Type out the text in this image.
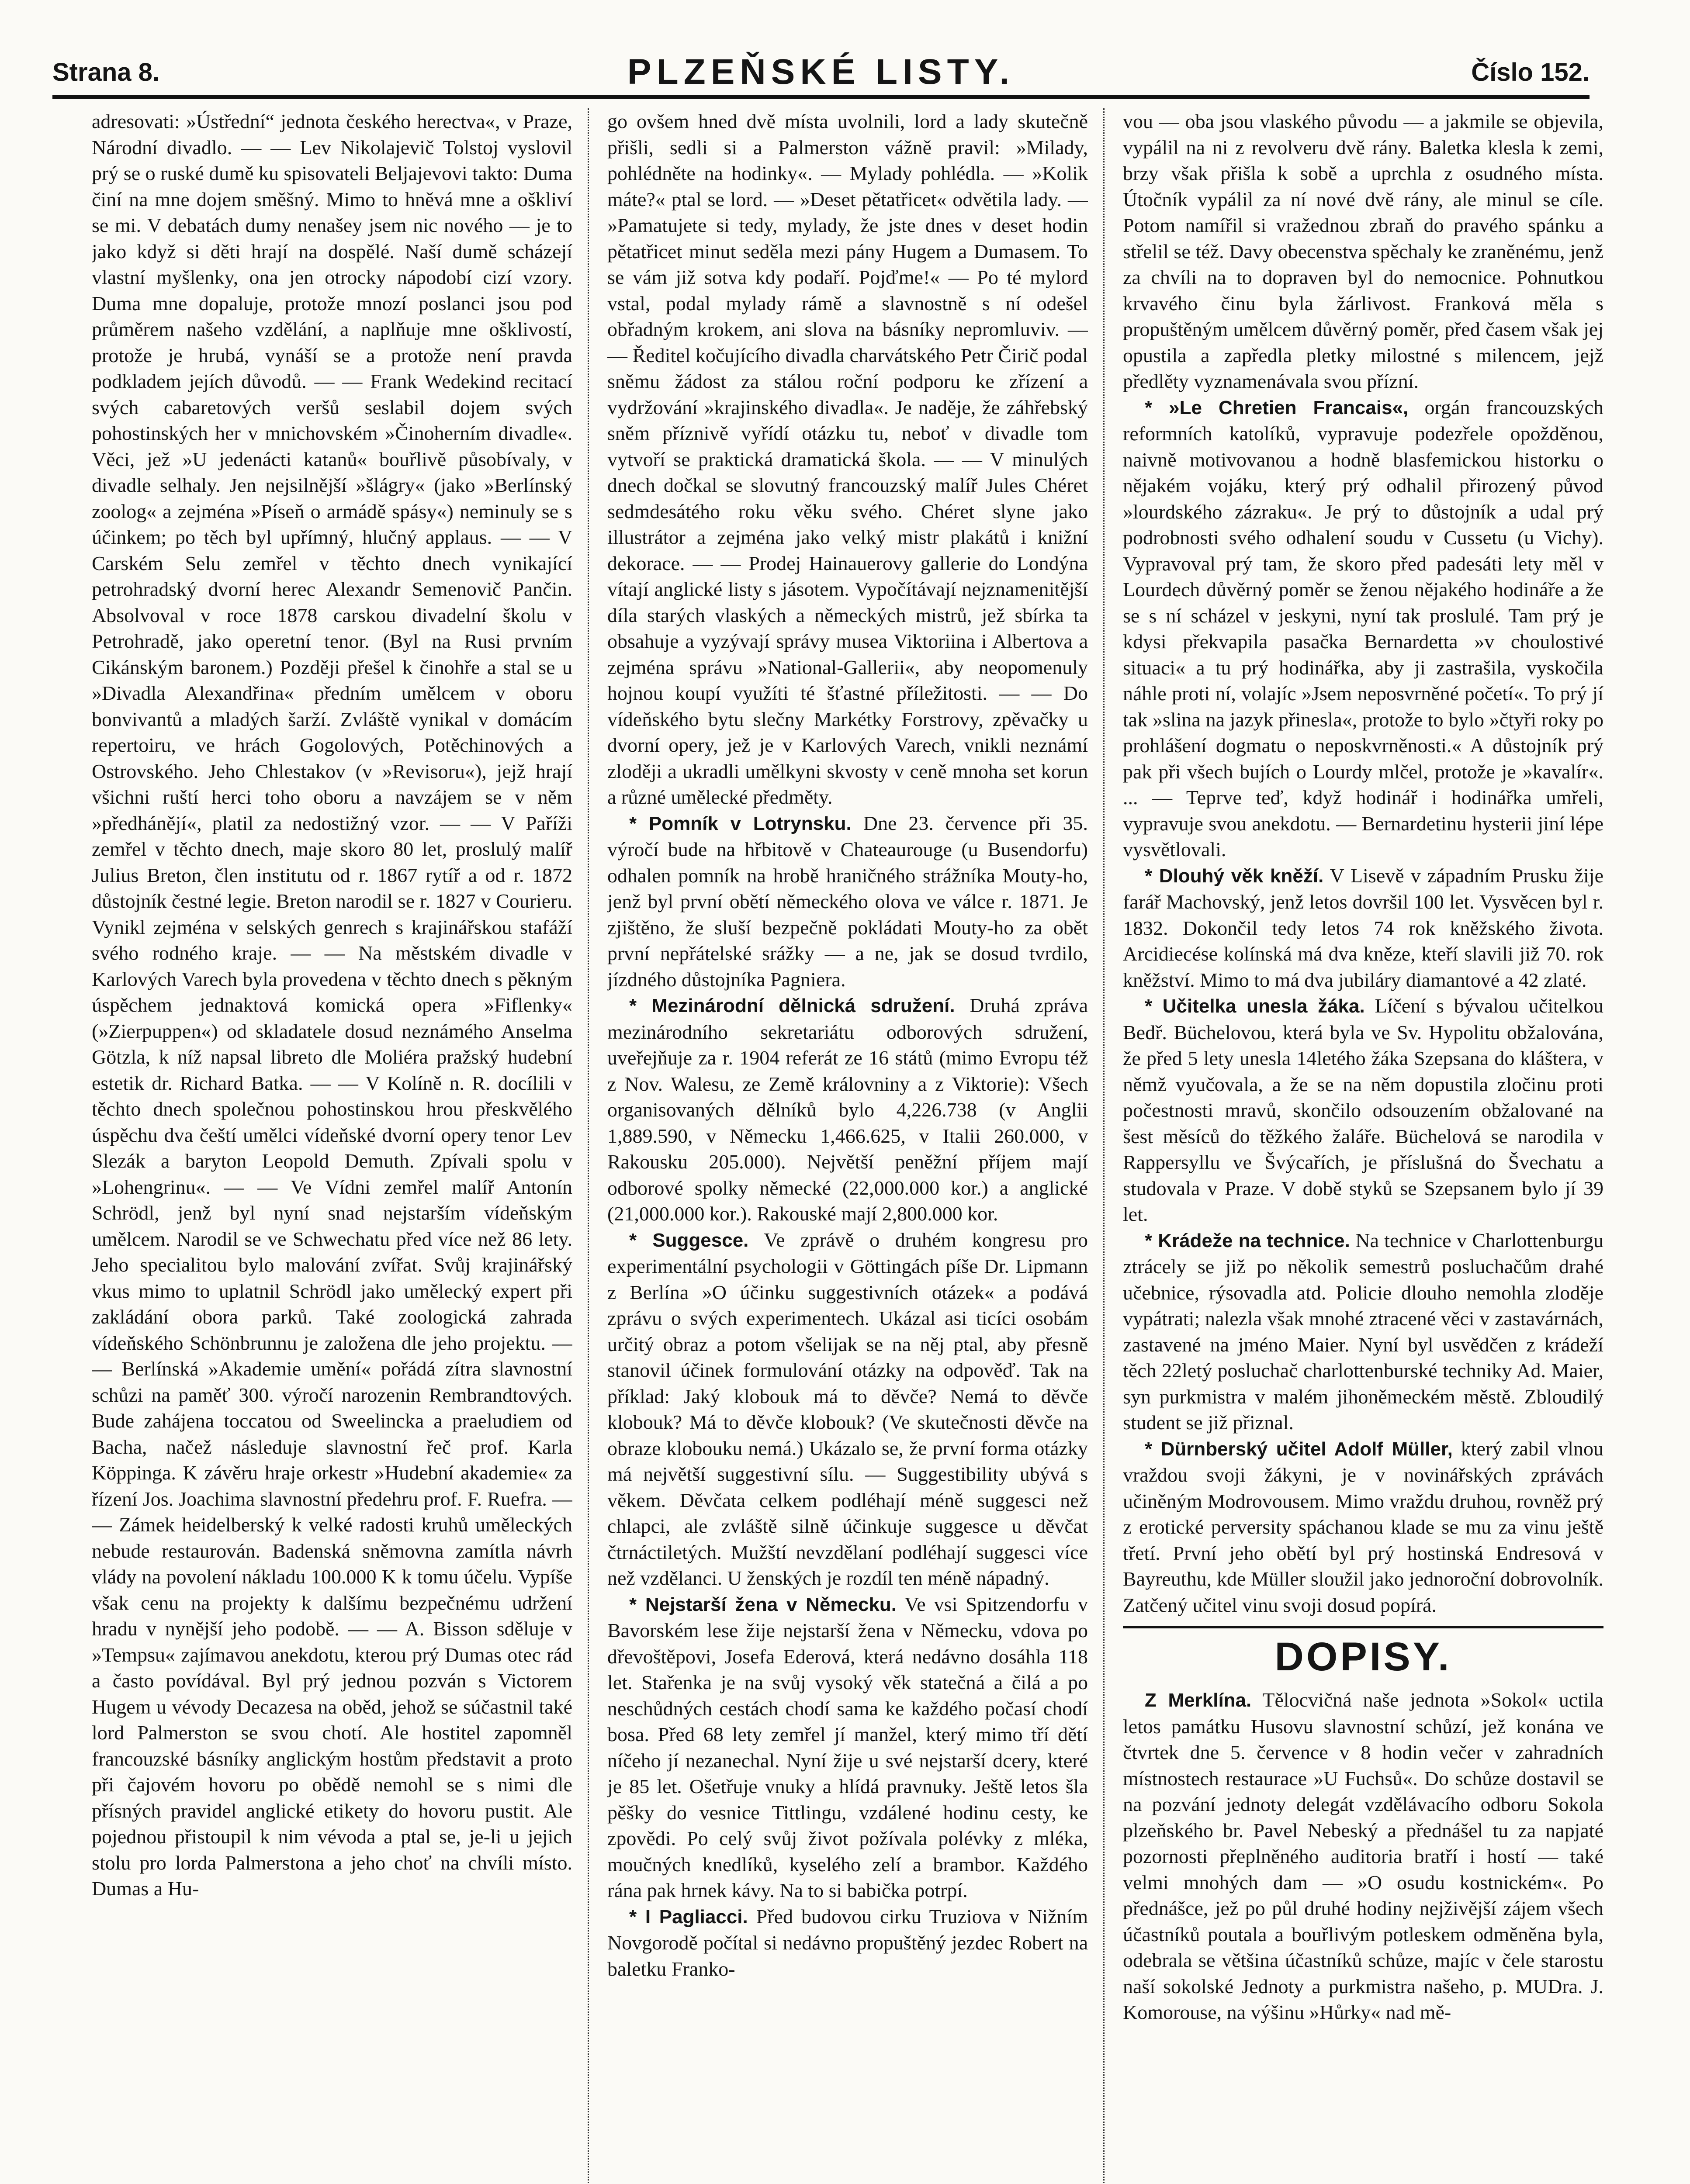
Strana 8.	PLZEŇSKÉ LISTY.	Číslo 152.

adresovati: »Ústřední“ jednota českého herectva«, v Praze, Národní divadlo. — — Lev Nikolajevič Tolstoj vyslovil prý se o ruské dumě ku spisovateli Beljajevovi takto: Duma činí na mne dojem směšný. Mimo to hněvá mne a oškliví se mi. V debatách dumy nenašey jsem nic nového — je to jako když si děti hrají na dospělé. Naší dumě scházejí vlastní myšlenky, ona jen otrocky nápodobí cizí vzory. Duma mne dopaluje, protože mnozí poslanci jsou pod průměrem našeho vzdělání, a naplňuje mne ošklivostí, protože je hrubá, vynáší se a protože není pravda podkladem jejích důvodů. — — Frank Wedekind recitací svých cabaretových veršů seslabil dojem svých pohostinských her v mnichovském »Činoherním divadle«. Věci, jež »U jedenácti katanů« bouřlivě působívaly, v divadle selhaly. Jen nejsilnější »šlágry« (jako »Berlínský zoolog« a zejména »Píseň o armádě spásy«) neminuly se s účinkem; po těch byl upřímný, hlučný applaus. — — V Carském Selu zemřel v těchto dnech vynikající petrohradský dvorní herec Alexandr Semenovič Pančin. Absolvoval v roce 1878 carskou divadelní školu v Petrohradě, jako operetní tenor. (Byl na Rusi prvním Cikánským baronem.) Později přešel k činohře a stal se u »Divadla Alexandřina« předním umělcem v oboru bonvivantů a mladých šarží. Zvláště vynikal v domácím repertoiru, ve hrách Gogolových, Potěchinových a Ostrovského. Jeho Chlestakov (v »Revisoru«), jejž hrají všichni ruští herci toho oboru a navzájem se v něm »předhánějí«, platil za nedostižný vzor. — — V Paříži zemřel v těchto dnech, maje skoro 80 let, proslulý malíř Julius Breton, člen institutu od r. 1867 rytíř a od r. 1872 důstojník čestné legie. Breton narodil se r. 1827 v Courieru. Vynikl zejména v selských genrech s krajinářskou stafáží svého rodného kraje. — — Na městském divadle v Karlových Varech byla provedena v těchto dnech s pěkným úspěchem jednaktová komická opera »Fiflenky« (»Zierpuppen«) od skladatele dosud neznámého Anselma Götzla, k níž napsal libreto dle Moliéra pražský hudební estetik dr. Richard Batka. — — V Kolíně n. R. docílili v těchto dnech společnou pohostinskou hrou přeskvělého úspěchu dva čeští umělci vídeňské dvorní opery tenor Lev Slezák a baryton Leopold Demuth. Zpívali spolu v »Lohengrinu«. — — Ve Vídni zemřel malíř Antonín Schrödl, jenž byl nyní snad nejstarším vídeňským umělcem. Narodil se ve Schwechatu před více než 86 lety. Jeho specialitou bylo malování zvířat. Svůj krajinářský vkus mimo to uplatnil Schrödl jako umělecký expert při zakládání obora parků. Také zoologická zahrada vídeňského Schönbrunnu je založena dle jeho projektu. — — Berlínská »Akademie umění« pořádá zítra slavnostní schůzi na paměť 300. výročí narozenin Rembrandtových. Bude zahájena toccatou od Sweelincka a praeludiem od Bacha, načež následuje slavnostní řeč prof. Karla Köppinga. K závěru hraje orkestr »Hudební akademie« za řízení Jos. Joachima slavnostní předehru prof. F. Ruefra. — — Zámek heidelberský k velké radosti kruhů uměleckých nebude restaurován. Badenská sněmovna zamítla návrh vlády na povolení nákladu 100.000 K k tomu účelu. Vypíše však cenu na projekty k dalšímu bezpečnému udržení hradu v nynější jeho podobě. — — A. Bisson sděluje v »Tempsu« zajímavou anekdotu, kterou prý Dumas otec rád a často povídával. Byl prý jednou pozván s Victorem Hugem u vévody Decazesa na oběd, jehož se súčastnil také lord Palmerston se svou chotí. Ale hostitel zapomněl francouzské básníky anglickým hostům představit a proto při čajovém hovoru po obědě nemohl se s nimi dle přísných pravidel anglické etikety do hovoru pustit. Ale pojednou přistoupil k nim vévoda a ptal se, je-li u jejich stolu pro lorda Palmerstona a jeho choť na chvíli místo. Dumas a Hu-

go ovšem hned dvě místa uvolnili, lord a lady skutečně přišli, sedli si a Palmerston vážně pravil: »Milady, pohlédněte na hodinky«. — Mylady pohlédla. — »Kolik máte?« ptal se lord. — »Deset pětatřicet« odvětila lady. — »Pamatujete si tedy, mylady, že jste dnes v deset hodin pětatřicet minut seděla mezi pány Hugem a Dumasem. To se vám již sotva kdy podaří. Pojďme!« — Po té mylord vstal, podal mylady rámě a slavnostně s ní odešel obřadným krokem, ani slova na básníky nepromluviv. — — Ředitel kočujícího divadla charvátského Petr Čirič podal sněmu žádost za stálou roční podporu ke zřízení a vydržování »krajinského divadla«. Je naděje, že záhřebský sněm příznivě vyřídí otázku tu, neboť v divadle tom vytvoří se praktická dramatická škola. — — V minulých dnech dočkal se slovutný francouzský malíř Jules Chéret sedmdesátého roku věku svého. Chéret slyne jako illustrátor a zejména jako velký mistr plakátů i knižní dekorace. — — Prodej Hainauerovy gallerie do Londýna vítají anglické listy s jásotem. Vypočítávají nejznamenitější díla starých vlaských a německých mistrů, jež sbírka ta obsahuje a vyzývají správy musea Viktoriina i Albertova a zejména správu »National-Gallerii«, aby neopomenuly hojnou koupí využíti té šťastné příležitosti. — — Do vídeňského bytu slečny Markétky Forstrovy, zpěvačky u dvorní opery, jež je v Karlových Varech, vnikli neznámí zloději a ukradli umělkyni skvosty v ceně mnoha set korun a různé umělecké předměty.

* Pomník v Lotrynsku. Dne 23. července při 35. výročí bude na hřbitově v Chateaurouge (u Busendorfu) odhalen pomník na hrobě hraničného strážníka Mouty-ho, jenž byl první obětí německého olova ve válce r. 1871. Je zjištěno, že sluší bezpečně pokládati Mouty-ho za obět první nepřátelské srážky — a ne, jak se dosud tvrdilo, jízdného důstojníka Pagniera.

* Mezinárodní dělnická sdružení. Druhá zpráva mezinárodního sekretariátu odborových sdružení, uveřejňuje za r. 1904 referát ze 16 států (mimo Evropu též z Nov. Walesu, ze Země královniny a z Viktorie): Všech organisovaných dělníků bylo 4,226.738 (v Anglii 1,889.590, v Německu 1,466.625, v Italii 260.000, v Rakousku 205.000). Největší peněžní příjem mají odborové spolky německé (22,000.000 kor.) a anglické (21,000.000 kor.). Rakouské mají 2,800.000 kor.

* Suggesce. Ve zprávě o druhém kongresu pro experimentální psychologii v Göttingách píše Dr. Lipmann z Berlína »O účinku suggestivních otázek« a podává zprávu o svých experimentech. Ukázal asi ticíci osobám určitý obraz a potom všelijak se na něj ptal, aby přesně stanovil účinek formulování otázky na odpověď. Tak na příklad: Jaký klobouk má to děvče? Nemá to děvče klobouk? Má to děvče klobouk? (Ve skutečnosti děvče na obraze klobouku nemá.) Ukázalo se, že první forma otázky má největší suggestivní sílu. — Suggestibility ubývá s věkem. Děvčata celkem podléhají méně suggesci než chlapci, ale zvláště silně účinkuje suggesce u děvčat čtrnáctiletých. Mužští nevzdělaní podléhají suggesci více než vzdělanci. U ženských je rozdíl ten méně nápadný.

* Nejstarší žena v Německu. Ve vsi Spitzendorfu v Bavorském lese žije nejstarší žena v Německu, vdova po dřevoštěpovi, Josefa Ederová, která nedávno dosáhla 118 let. Stařenka je na svůj vysoký věk statečná a čilá a po neschůdných cestách chodí sama ke každého počasí chodí bosa. Před 68 lety zemřel jí manžel, který mimo tří dětí níčeho jí nezanechal. Nyní žije u své nejstarší dcery, které je 85 let. Ošetřuje vnuky a hlídá pravnuky. Ještě letos šla pěšky do vesnice Tittlingu, vzdálené hodinu cesty, ke zpovědi. Po celý svůj život požívala polévky z mléka, moučných knedlíků, kyselého zelí a brambor. Každého rána pak hrnek kávy. Na to si babička potrpí.

* I Pagliacci. Před budovou cirku Truziova v Nižním Novgorodě počítal si nedávno propuštěný jezdec Robert na baletku Franko-

vou — oba jsou vlaského původu — a jakmile se objevila, vypálil na ni z revolveru dvě rány. Baletka klesla k zemi, brzy však přišla k sobě a uprchla z osudného místa. Útočník vypálil za ní nové dvě rány, ale minul se cíle. Potom namířil si vražednou zbraň do pravého spánku a střelil se též. Davy obecenstva spěchaly ke zraněnému, jenž za chvíli na to dopraven byl do nemocnice. Pohnutkou krvavého činu byla žárlivost. Franková měla s propuštěným umělcem důvěrný poměr, před časem však jej opustila a zapředla pletky milostné s milencem, jejž předlěty vyznamenávala svou přízní.

* »Le Chretien Francais«, orgán francouzských reformních katolíků, vypravuje podezřele opožděnou, naivně motivovanou a hodně blasfemickou historku o nějakém vojáku, který prý odhalil přirozený původ »lourdského zázraku«. Je prý to důstojník a udal prý podrobnosti svého odhalení soudu v Cussetu (u Vichy). Vypravoval prý tam, že skoro před padesáti lety měl v Lourdech důvěrný poměr se ženou nějakého hodináře a že se s ní scházel v jeskyni, nyní tak proslulé. Tam prý je kdysi překvapila pasačka Bernardetta »v choulostivé situaci« a tu prý hodinářka, aby ji zastrašila, vyskočila náhle proti ní, volajíc »Jsem neposvrněné početí«. To prý jí tak »slina na jazyk přinesla«, protože to bylo »čtyři roky po prohlášení dogmatu o neposkvrněnosti.« A důstojník prý pak při všech bujích o Lourdy mlčel, protože je »kavalír«. ... — Teprve teď, když hodinář i hodinářka umřeli, vypravuje svou anekdotu. — Bernardetinu hysterii jiní lépe vysvětlovali.

* Dlouhý věk kněží. V Lisevě v západním Prusku žije farář Machovský, jenž letos dovršil 100 let. Vysvěcen byl r. 1832. Dokončil tedy letos 74 rok kněžského života. Arcidiecése kolínská má dva kněze, kteří slavili již 70. rok kněžství. Mimo to má dva jubiláry diamantové a 42 zlaté.

* Učitelka unesla žáka. Líčení s bývalou učitelkou Bedř. Büchelovou, která byla ve Sv. Hypolitu obžalována, že před 5 lety unesla 14letého žáka Szepsana do kláštera, v němž vyučovala, a že se na něm dopustila zločinu proti počestnosti mravů, skončilo odsouzením obžalované na šest měsíců do těžkého žaláře. Büchelová se narodila v Rappersyllu ve Švýcařích, je příslušná do Švechatu a studovala v Praze. V době styků se Szepsanem bylo jí 39 let.

* Krádeže na technice. Na technice v Charlottenburgu ztrácely se již po několik semestrů posluchačům drahé učebnice, rýsovadla atd. Policie dlouho nemohla zloděje vypátrati; nalezla však mnohé ztracené věci v zastavárnách, zastavené na jméno Maier. Nyní byl usvědčen z krádeží těch 22letý posluchač charlottenburské techniky Ad. Maier, syn purkmistra v malém jihoněmeckém městě. Zbloudilý student se již přiznal.

* Dürnberský učitel Adolf Müller, který zabil vlnou vraždou svoji žákyni, je v novinářských zprávách učiněným Modrovousem. Mimo vraždu druhou, rovněž prý z erotické perversity spáchanou klade se mu za vinu ještě třetí. První jeho obětí byl prý hostinská Endresová v Bayreuthu, kde Müller sloužil jako jednoroční dobrovolník. Zatčený učitel vinu svoji dosud popírá.

DOPISY.

Z Merklína. Tělocvičná naše jednota »Sokol« uctila letos památku Husovu slavnostní schůzí, jež konána ve čtvrtek dne 5. července v 8 hodin večer v zahradních místnostech restaurace »U Fuchsů«. Do schůze dostavil se na pozvání jednoty delegát vzdělávacího odboru Sokola plzeňského br. Pavel Nebeský a přednášel tu za napjaté pozornosti přeplněného auditoria bratří i hostí — také velmi mnohých dam — »O osudu kostnickém«. Po přednášce, jež po půl druhé hodiny nejživější zájem všech účastníků poutala a bouřlivým potleskem odměněna byla, odebrala se většina účastníků schůze, majíc v čele starostu naší sokolské Jednoty a purkmistra našeho, p. MUDra. J. Komorouse, na výšinu »Hůrky« nad mě-
